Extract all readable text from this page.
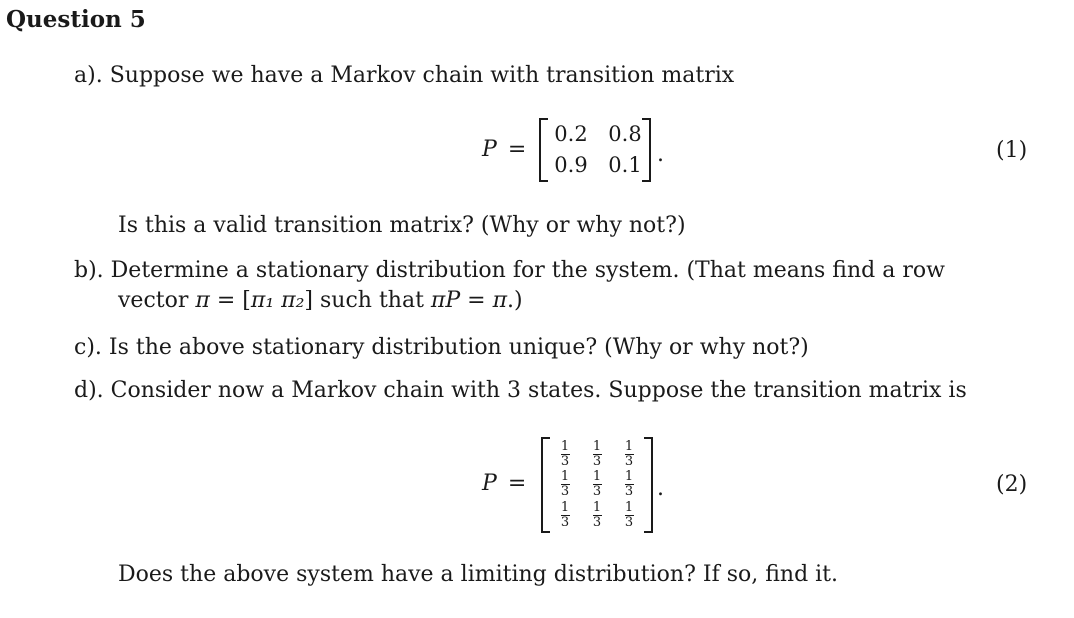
Question 5
a). Suppose we have a Markov chain with transition matrix
P =
0.2 0.8
0.9 0.1 .	(1)
Is this a valid transition matrix? (Why or why not?)
b). Determine a stationary distribution for the system. (That means find a row
vector π = [π₁ π₂] such that πP = π.)
c). Is the above stationary distribution unique? (Why or why not?)
d). Consider now a Markov chain with 3 states. Suppose the transition matrix is
P =
$\frac{1}{3} \frac{1}{3} \frac{1}{3}$
$\frac{1}{3} \frac{1}{3} \frac{1}{3}$
$\frac{1}{3} \frac{1}{3} \frac{1}{3}$
.	(2)
Does the above system have a limiting distribution? If so, find it.
